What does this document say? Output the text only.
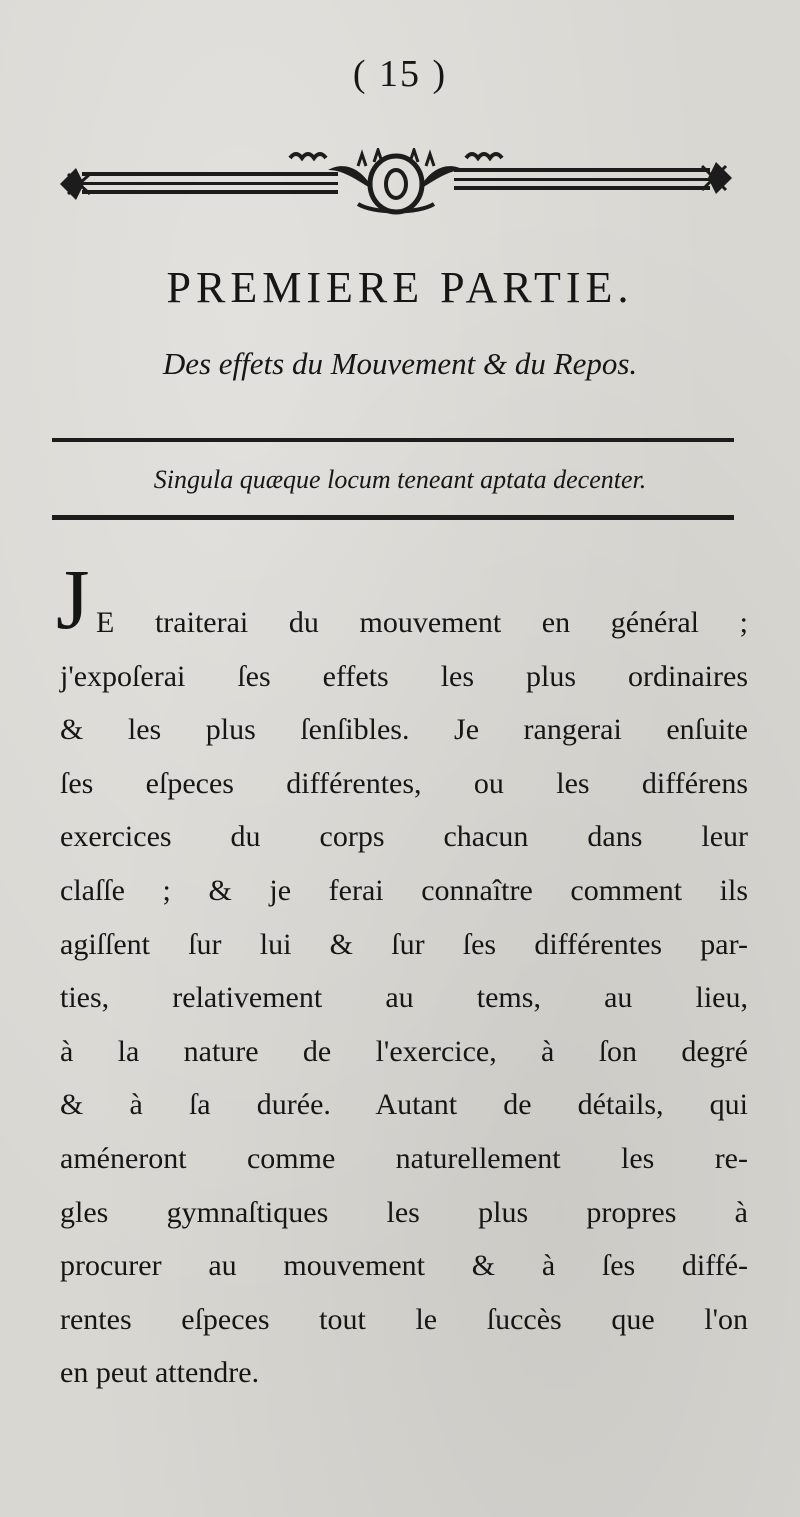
( 15 )
PREMIERE PARTIE.
Des effets du Mouvement & du Repos.
Singula quæque locum teneant aptata decenter.
J E traiterai du mouvement en général ;
j'expoſerai ſes effets les plus ordinaires
& les plus ſenſibles. Je rangerai enſuite
ſes eſpeces différentes, ou les différens
exercices du corps chacun dans leur
claſſe ; & je ferai connaître comment ils
agiſſent ſur lui & ſur ſes différentes par-
ties, relativement au tems, au lieu,
à la nature de l'exercice, à ſon degré
& à ſa durée. Autant de détails, qui
améneront comme naturellement les re-
gles gymnaſtiques les plus propres à
procurer au mouvement & à ſes diffé-
rentes eſpeces tout le ſuccès que l'on
en peut attendre.
